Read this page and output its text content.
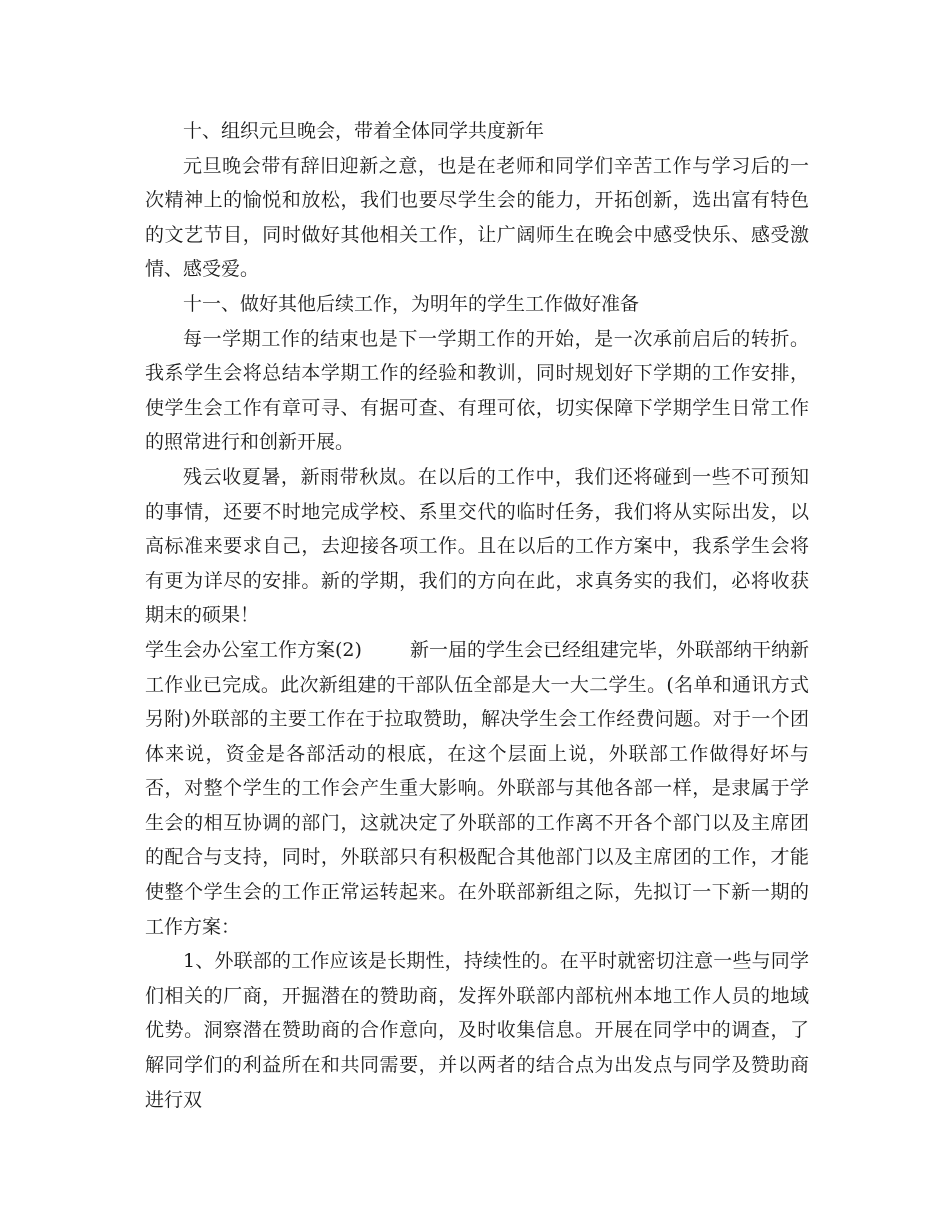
十、组织元旦晚会，带着全体同学共度新年

元旦晚会带有辞旧迎新之意，也是在老师和同学们辛苦工作与学习后的一次精神上的愉悦和放松，我们也要尽学生会的能力，开拓创新，选出富有特色的文艺节目，同时做好其他相关工作，让广阔师生在晚会中感受快乐、感受激情、感受爱。

十一、做好其他后续工作，为明年的学生工作做好准备

每一学期工作的结束也是下一学期工作的开始，是一次承前启后的转折。我系学生会将总结本学期工作的经验和教训，同时规划好下学期的工作安排，使学生会工作有章可寻、有据可查、有理可依，切实保障下学期学生日常工作的照常进行和创新开展。

残云收夏暑，新雨带秋岚。在以后的工作中，我们还将碰到一些不可预知的事情，还要不时地完成学校、系里交代的临时任务，我们将从实际出发，以高标准来要求自己，去迎接各项工作。且在以后的工作方案中，我系学生会将有更为详尽的安排。新的学期，我们的方向在此，求真务实的我们，必将收获期末的硕果！

学生会办公室工作方案(2)	新一届的学生会已经组建完毕，外联部纳干纳新工作业已完成。此次新组建的干部队伍全部是大一大二学生。(名单和通讯方式另附)外联部的主要工作在于拉取赞助，解决学生会工作经费问题。对于一个团体来说，资金是各部活动的根底，在这个层面上说，外联部工作做得好坏与否，对整个学生的工作会产生重大影响。外联部与其他各部一样，是隶属于学生会的相互协调的部门，这就决定了外联部的工作离不开各个部门以及主席团的配合与支持，同时，外联部只有积极配合其他部门以及主席团的工作，才能使整个学生会的工作正常运转起来。在外联部新组之际，先拟订一下新一期的工作方案：

1、外联部的工作应该是长期性，持续性的。在平时就密切注意一些与同学们相关的厂商，开掘潜在的赞助商，发挥外联部内部杭州本地工作人员的地域优势。洞察潜在赞助商的合作意向，及时收集信息。开展在同学中的调查，了解同学们的利益所在和共同需要，并以两者的结合点为出发点与同学及赞助商进行双
